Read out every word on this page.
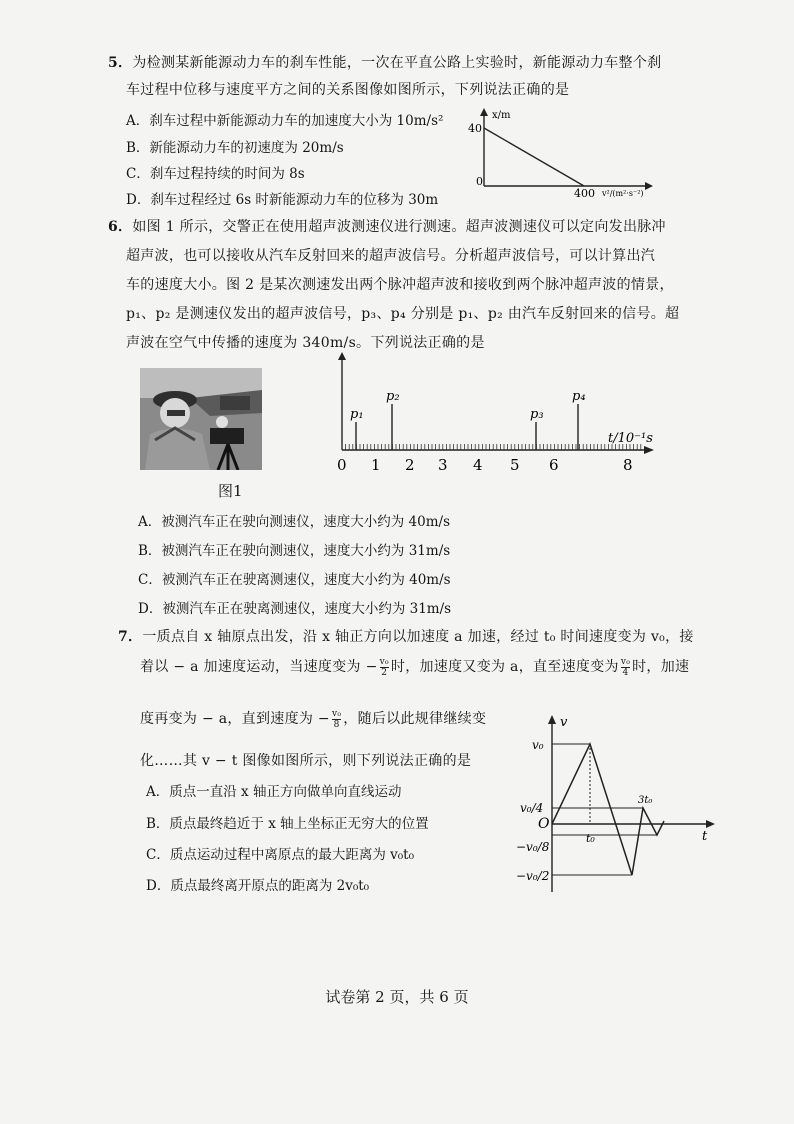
5．为检测某新能源动力车的刹车性能，一次在平直公路上实验时，新能源动力车整个刹
车过程中位移与速度平方之间的关系图像如图所示，下列说法正确的是
A．刹车过程中新能源动力车的加速度大小为 10m/s²
B．新能源动力车的初速度为 20m/s
C．刹车过程持续的时间为 8s
D．刹车过程经过 6s 时新能源动力车的位移为 30m
x/m
40
0
400 v²/(m²·s⁻²)
6．如图 1 所示，交警正在使用超声波测速仪进行测速。超声波测速仪可以定向发出脉冲
超声波，也可以接收从汽车反射回来的超声波信号。分析超声波信号，可以计算出汽
车的速度大小。图 2 是某次测速发出两个脉冲超声波和接收到两个脉冲超声波的情景，
p₁、p₂ 是测速仪发出的超声波信号，p₃、p₄ 分别是 p₁、p₂ 由汽车反射回来的信号。超
声波在空气中传播的速度为 340m/s。下列说法正确的是
图1
p₁
p₂
p₃
p₄
t/10⁻¹s
0 1 2 3 4 5 6	8
A．被测汽车正在驶向测速仪，速度大小约为 40m/s
B．被测汽车正在驶向测速仪，速度大小约为 31m/s
C．被测汽车正在驶离测速仪，速度大小约为 40m/s
D．被测汽车正在驶离测速仪，速度大小约为 31m/s
7．一质点自 x 轴原点出发，沿 x 轴正方向以加速度 a 加速，经过 t₀ 时间速度变为 v₀，接
着以 − a 加速度运动，当速度变为 − $\frac{\text{v₀}}{2}$ 时，加速度又变为 a，直至速度变为 $\frac{\text{v₀}}{4}$ 时，加速
度再变为 − a，直到速度为 − $\frac{\text{v₀}}{8}$ ，随后以此规律继续变
化……其 v − t 图像如图所示，则下列说法正确的是
A．质点一直沿 x 轴正方向做单向直线运动
B．质点最终趋近于 x 轴上坐标正无穷大的位置
C．质点运动过程中离原点的最大距离为 v₀t₀
D．质点最终离开原点的距离为 2v₀t₀
v
t
O
v₀
v₀/4
−v₀/8
−v₀/2
t₀
3t₀
试卷第 2 页，共 6 页
